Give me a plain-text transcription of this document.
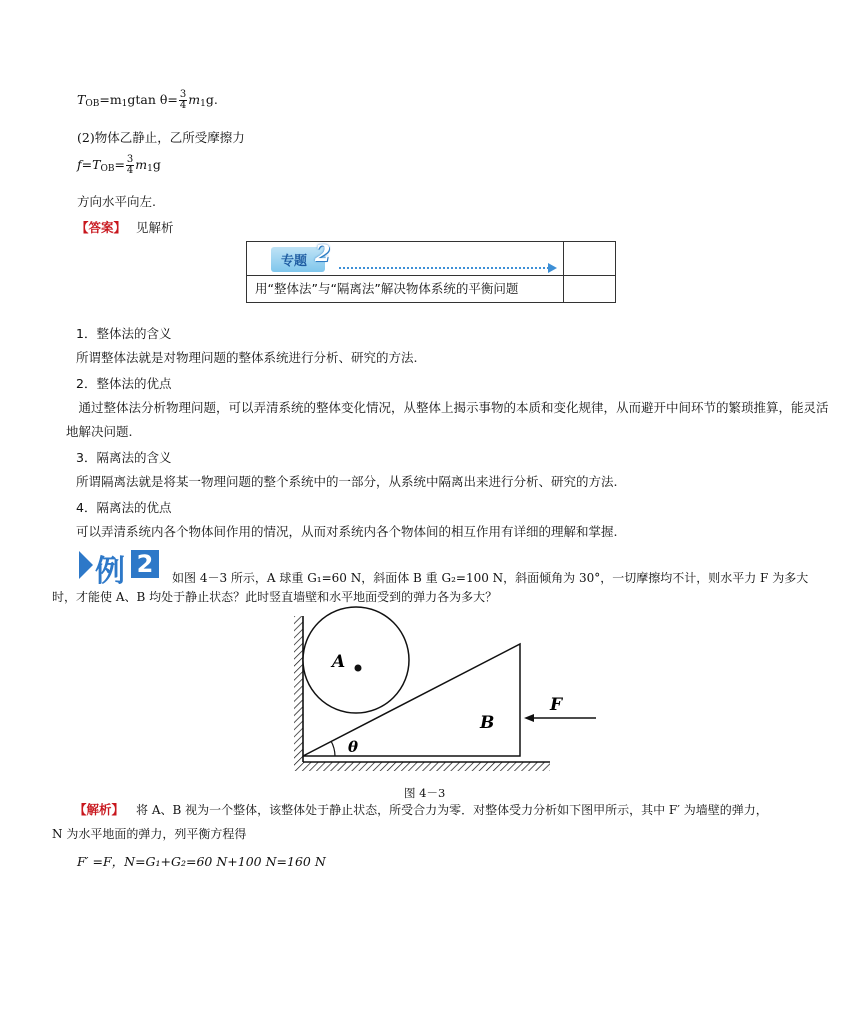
$T_{OB}=m_1gtan$ $\theta= \frac{3}{4} m_1g$.
(2)物体乙静止，乙所受摩擦力
$f=T_{OB}= \frac{3}{4} m_1g$
方向水平向左.
【答案】 见解析
专题 2
用“整体法”与“隔离法”解决物体系统的平衡问题
1．整体法的含义
所谓整体法就是对物理问题的整体系统进行分析、研究的方法.
2．整体法的优点
通过整体法分析物理问题，可以弄清系统的整体变化情况，从整体上揭示事物的本质和变化规律，从而避开中间环节的繁琐推算，能灵活地解决问题.
3．隔离法的含义
所谓隔离法就是将某一物理问题的整个系统中的一部分，从系统中隔离出来进行分析、研究的方法.
4．隔离法的优点
可以弄清系统内各个物体间作用的情况，从而对系统内各个物体间的相互作用有详细的理解和掌握.
例 2	如图 4－3 所示，A 球重 G₁=60 N，斜面体 B 重 G₂=100 N，斜面倾角为 30°，一切摩擦均不计，则水平力 F 为多大
时，才能使 A、B 均处于静止状态？此时竖直墙壁和水平地面受到的弹力各为多大？
A
B
θ
F
图 4－3
【解析】 将 A、B 视为一个整体，该整体处于静止状态，所受合力为零．对整体受力分析如下图甲所示，其中 F′ 为墙壁的弹力，
N 为水平地面的弹力，列平衡方程得
F′ =F，N=G₁+G₂=60 N+100 N=160 N
